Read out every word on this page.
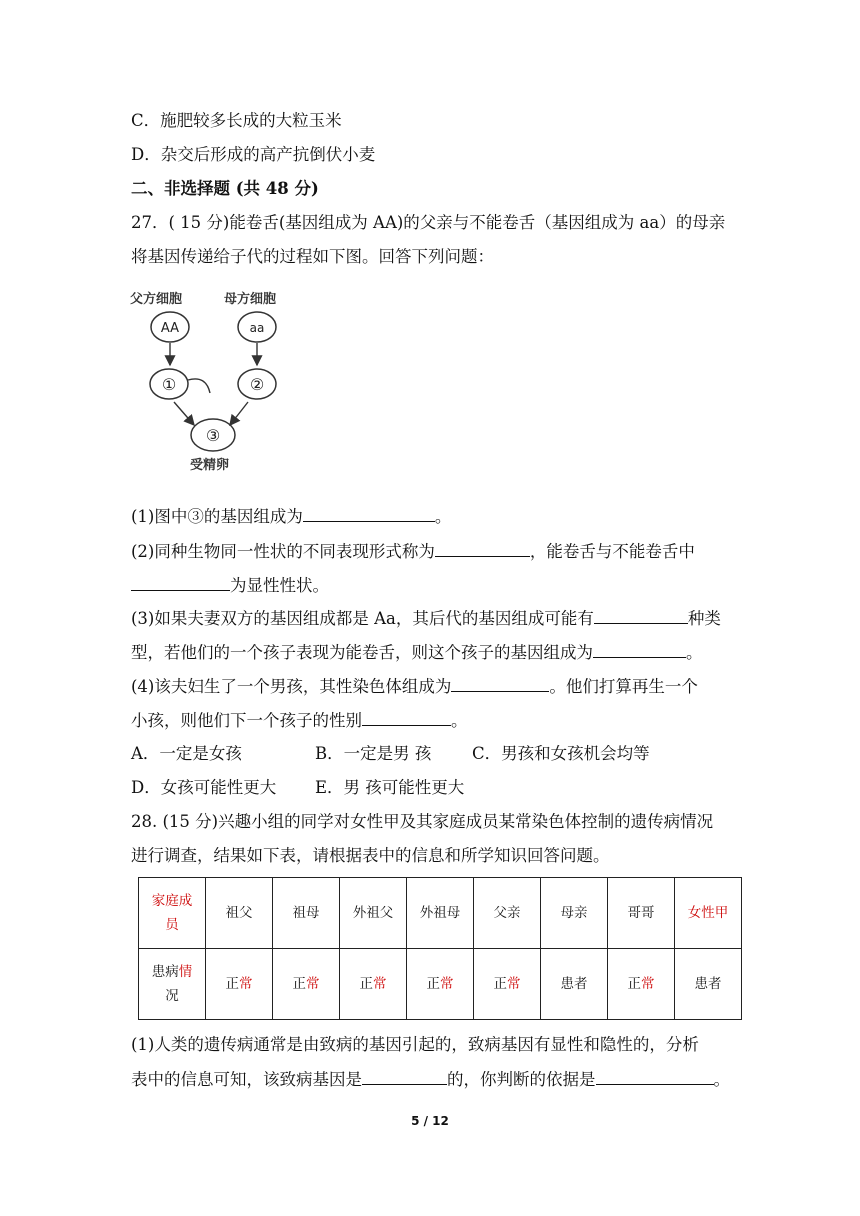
C．施肥较多长成的大粒玉米
D．杂交后形成的高产抗倒伏小麦
二、非选择题 (共 48 分)
27．( 15 分)能卷舌(基因组成为 AA)的父亲与不能卷舌（基因组成为 aa）的母亲
将基因传递给子代的过程如下图。回答下列问题：
父方细胞	母方细胞
AA	aa
①	②
③
受精卵
(1)图中③的基因组成为	。
(2)同种生物同一性状的不同表现形式称为	，能卷舌与不能卷舌中
为显性性状。
(3)如果夫妻双方的基因组成都是 Aa，其后代的基因组成可能有	种类
型，若他们的一个孩子表现为能卷舌，则这个孩子的基因组成为	。
(4)该夫妇生了一个男孩，其性染色体组成为	。他们打算再生一个
小孩，则他们下一个孩子的性别	。
A．一定是女孩	B．一定是男 孩 C．男孩和女孩机会均等
D．女孩可能性更大 E．男 孩可能性更大
28. (15 分)兴趣小组的同学对女性甲及其家庭成员某常染色体控制的遗传病情况
进行调查，结果如下表，请根据表中的信息和所学知识回答问题。
家庭成
员	祖父	祖母	外祖父	外祖母	父亲	母亲	哥哥	女性甲
患病情
况	正常	正常	正常	正常	正常	患者	正常	患者
(1)人类的遗传病通常是由致病的基因引起的，致病基因有显性和隐性的，分析
表中的信息可知，该致病基因是	的，你判断的依据是	。
5 / 12
